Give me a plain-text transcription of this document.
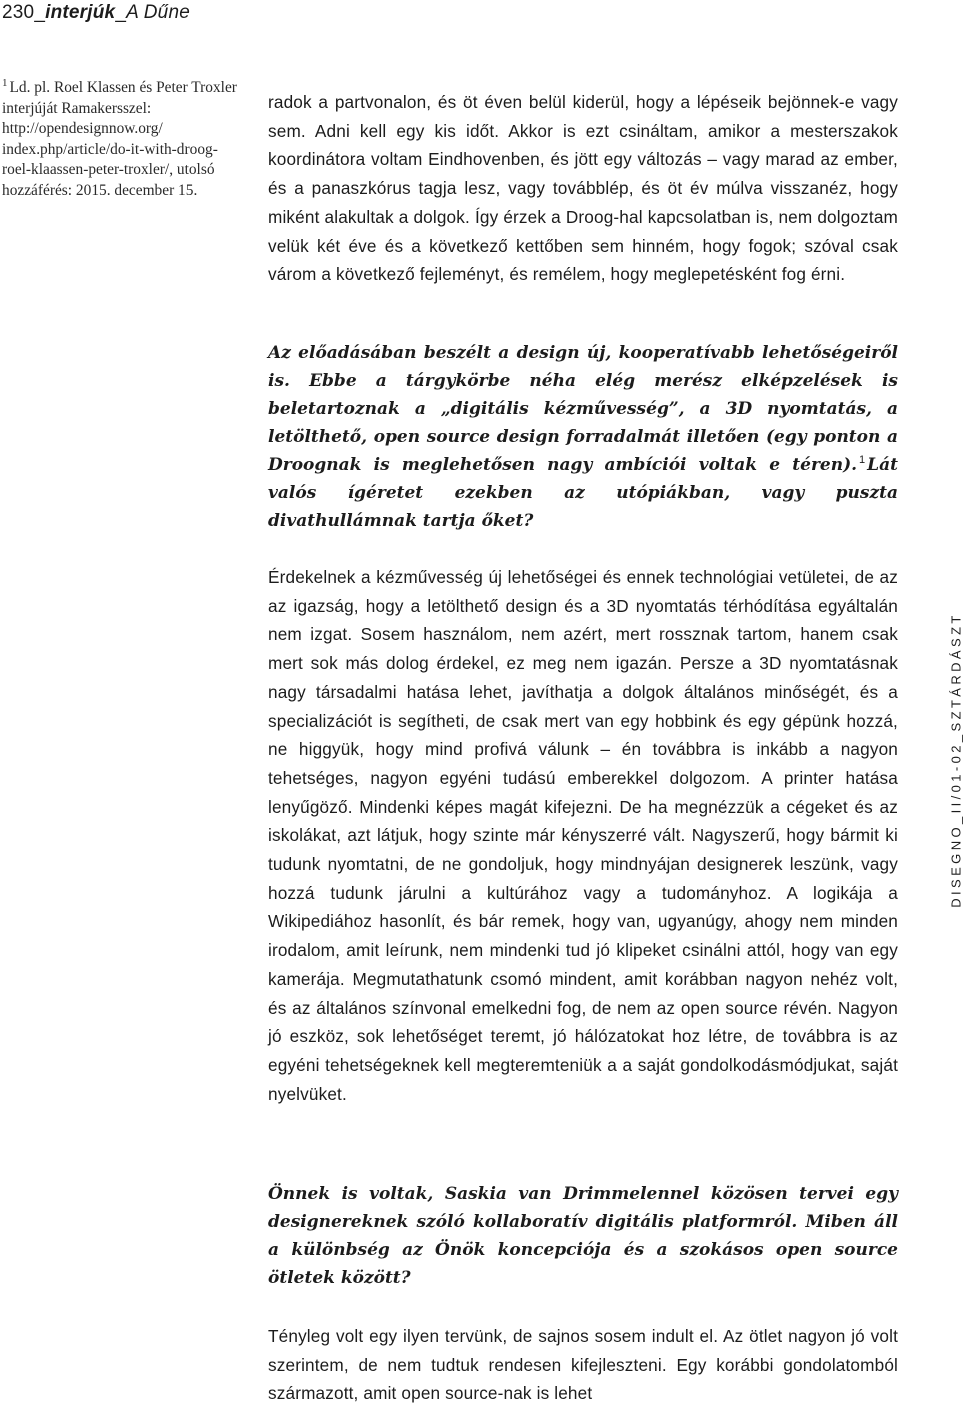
230_interjúk_A Dűne
$^1$ Ld. pl. Roel Klassen és Peter Troxler interjúját Ramakersszel: http://opendesignnow.org/ index.php/article/do-it-with-droog-roel-klaassen-peter-troxler/, utolsó hozzáférés: 2015. december 15.
radok a partvonalon, és öt éven belül kiderül, hogy a lépéseik bejönnek-e vagy sem. Adni kell egy kis időt. Akkor is ezt csináltam, amikor a mesterszakok koordinátora voltam Eindhovenben, és jött egy változás – vagy marad az ember, és a panaszkórus tagja lesz, vagy továbblép, és öt év múlva visszanéz, hogy miként alakultak a dolgok. Így érzek a Droog-hal kapcsolatban is, nem dolgoztam velük két éve és a következő kettőben sem hinném, hogy fogok; szóval csak várom a következő fejleményt, és remélem, hogy meglepetésként fog érni.
Az előadásában beszélt a design új, kooperatívabb lehetőségeiről is. Ebbe a tárgykörbe néha elég merész elképzelések is beletartoznak a „digitális kézművesség”, a 3D nyomtatás, a letölthető, open source design forradalmát illetően (egy ponton a Droognak is meglehetősen nagy ambíciói voltak e téren). $^1$ Lát valós ígéretet ezekben az utópiákban, vagy puszta divathullámnak tartja őket?
Érdekelnek a kézművesség új lehetőségei és ennek technológiai vetületei, de az az igazság, hogy a letölthető design és a 3D nyomtatás térhódítása egyáltalán nem izgat. Sosem használom, nem azért, mert rossznak tartom, hanem csak mert sok más dolog érdekel, ez meg nem igazán. Persze a 3D nyomtatásnak nagy társadalmi hatása lehet, javíthatja a dolgok általános minőségét, és a specializációt is segítheti, de csak mert van egy hobbink és egy gépünk hozzá, ne higgyük, hogy mind profivá válunk – én továbbra is inkább a nagyon tehetséges, nagyon egyéni tudású emberekkel dolgozom. A printer hatása lenyűgöző. Mindenki képes magát kifejezni. De ha megnézzük a cégeket és az iskolákat, azt látjuk, hogy szinte már kényszerré vált. Nagyszerű, hogy bármit ki tudunk nyomtatni, de ne gondoljuk, hogy mindnyájan designerek leszünk, vagy hozzá tudunk járulni a kultúrához vagy a tudományhoz. A logikája a Wikipediához hasonlít, és bár remek, hogy van, ugyanúgy, ahogy nem minden irodalom, amit leírunk, nem mindenki tud jó klipeket csinálni attól, hogy van egy kamerája. Megmutathatunk csomó mindent, amit korábban nagyon nehéz volt, és az általános színvonal emelkedni fog, de nem az open source révén. Nagyon jó eszköz, sok lehetőséget teremt, jó hálózatokat hoz létre, de továbbra is az egyéni tehetségeknek kell megteremteniük a a saját gondolkodásmódjukat, saját nyelvüket.
Önnek is voltak, Saskia van Drimmelennel közösen tervei egy designereknek szóló kollaboratív digitális platformról. Miben áll a különbség az Önök koncepciója és a szokásos open source ötletek között?
Tényleg volt egy ilyen tervünk, de sajnos sosem indult el. Az ötlet nagyon jó volt szerintem, de nem tudtuk rendesen kifejleszteni. Egy korábbi gondolatomból származott, amit open source-nak is lehet
DISEGNO_II/01-02_SZTÁRDÁSZT
